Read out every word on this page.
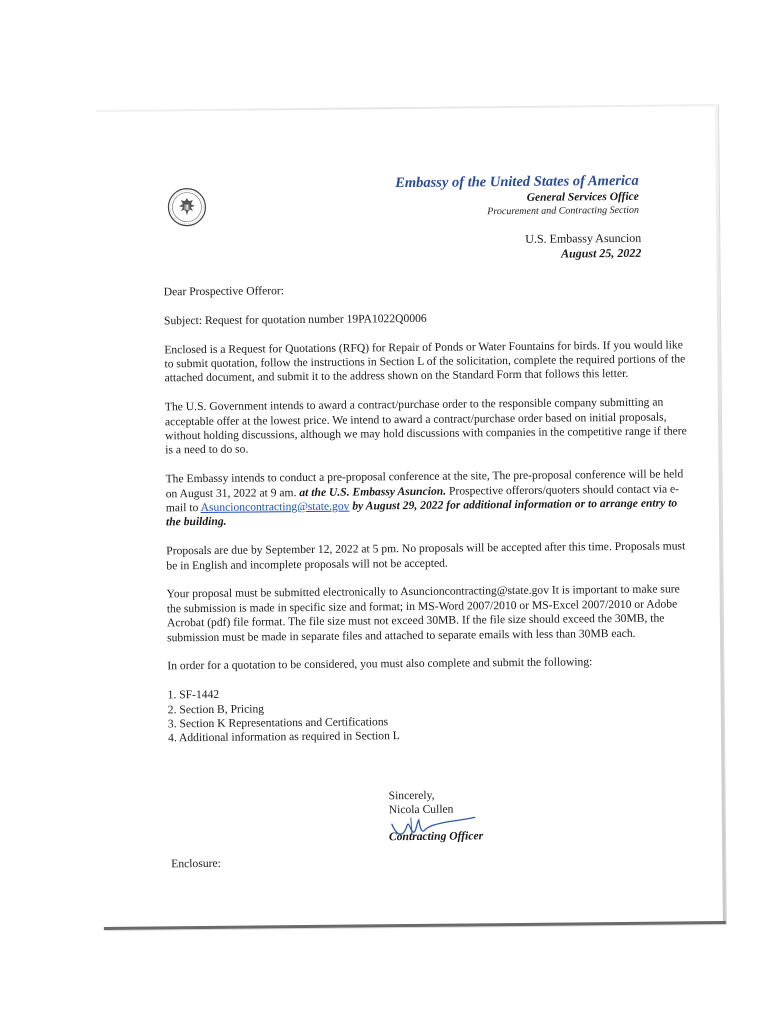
Embassy of the United States of America
General Services Office
Procurement and Contracting Section
U.S. Embassy Asuncion
August 25, 2022

Dear Prospective Offeror:

Subject: Request for quotation number 19PA1022Q0006

Enclosed is a Request for Quotations (RFQ) for Repair of Ponds or Water Fountains for birds. If you would like to submit quotation, follow the instructions in Section L of the solicitation, complete the required portions of the attached document, and submit it to the address shown on the Standard Form that follows this letter.

The U.S. Government intends to award a contract/purchase order to the responsible company submitting an acceptable offer at the lowest price. We intend to award a contract/purchase order based on initial proposals, without holding discussions, although we may hold discussions with companies in the competitive range if there is a need to do so.

The Embassy intends to conduct a pre-proposal conference at the site, The pre-proposal conference will be held on August 31, 2022 at 9 am. at the U.S. Embassy Asuncion. Prospective offerors/quoters should contact via e-mail to Asuncioncontracting@state.gov by August 29, 2022 for additional information or to arrange entry to the building.

Proposals are due by September 12, 2022 at 5 pm. No proposals will be accepted after this time. Proposals must be in English and incomplete proposals will not be accepted.

Your proposal must be submitted electronically to Asuncioncontracting@state.gov It is important to make sure the submission is made in specific size and format; in MS-Word 2007/2010 or MS-Excel 2007/2010 or Adobe Acrobat (pdf) file format. The file size must not exceed 30MB. If the file size should exceed the 30MB, the submission must be made in separate files and attached to separate emails with less than 30MB each.

In order for a quotation to be considered, you must also complete and submit the following:

1. SF-1442
2. Section B, Pricing
3. Section K Representations and Certifications
4. Additional information as required in Section L
Sincerely,
Nicola Cullen
Contracting Officer
Enclosure:
